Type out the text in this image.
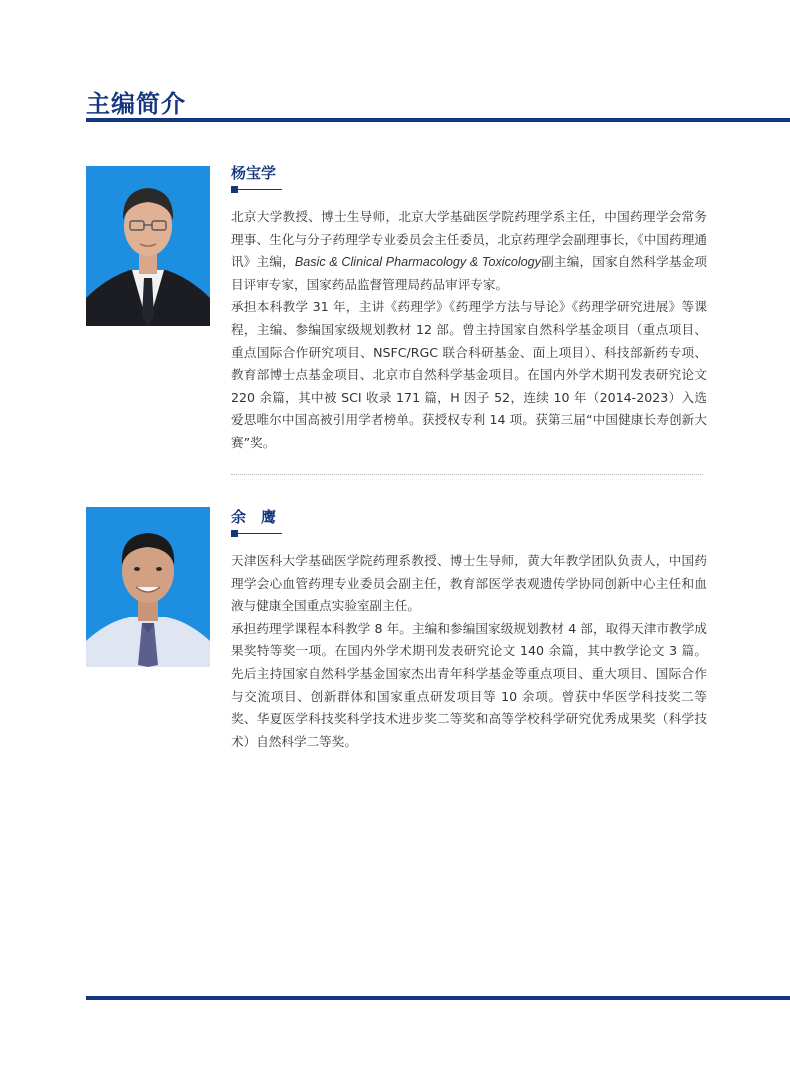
主编简介
杨宝学

北京大学教授、博士生导师，北京大学基础医学院药理学系主任，中国药理学会常务理事、生化与分子药理学专业委员会主任委员，北京药理学会副理事长，《中国药理通讯》主编，Basic & Clinical Pharmacology & Toxicology副主编，国家自然科学基金项目评审专家，国家药品监督管理局药品审评专家。

承担本科教学 31 年，主讲《药理学》《药理学方法与导论》《药理学研究进展》等课程，主编、参编国家级规划教材 12 部。曾主持国家自然科学基金项目（重点项目、重点国际合作研究项目、NSFC/RGC 联合科研基金、面上项目）、科技部新药专项、教育部博士点基金项目、北京市自然科学基金项目。在国内外学术期刊发表研究论文 220 余篇，其中被 SCI 收录 171 篇，H 因子 52，连续 10 年（2014-2023）入选爱思唯尔中国高被引用学者榜单。获授权专利 14 项。获第三届“中国健康长寿创新大赛”奖。

余　鹰

天津医科大学基础医学院药理系教授、博士生导师，黄大年教学团队负责人，中国药理学会心血管药理专业委员会副主任，教育部医学表观遗传学协同创新中心主任和血液与健康全国重点实验室副主任。

承担药理学课程本科教学 8 年。主编和参编国家级规划教材 4 部，取得天津市教学成果奖特等奖一项。在国内外学术期刊发表研究论文 140 余篇，其中教学论文 3 篇。先后主持国家自然科学基金国家杰出青年科学基金等重点项目、重大项目、国际合作与交流项目、创新群体和国家重点研发项目等 10 余项。曾获中华医学科技奖二等奖、华夏医学科技奖科学技术进步奖二等奖和高等学校科学研究优秀成果奖（科学技术）自然科学二等奖。
